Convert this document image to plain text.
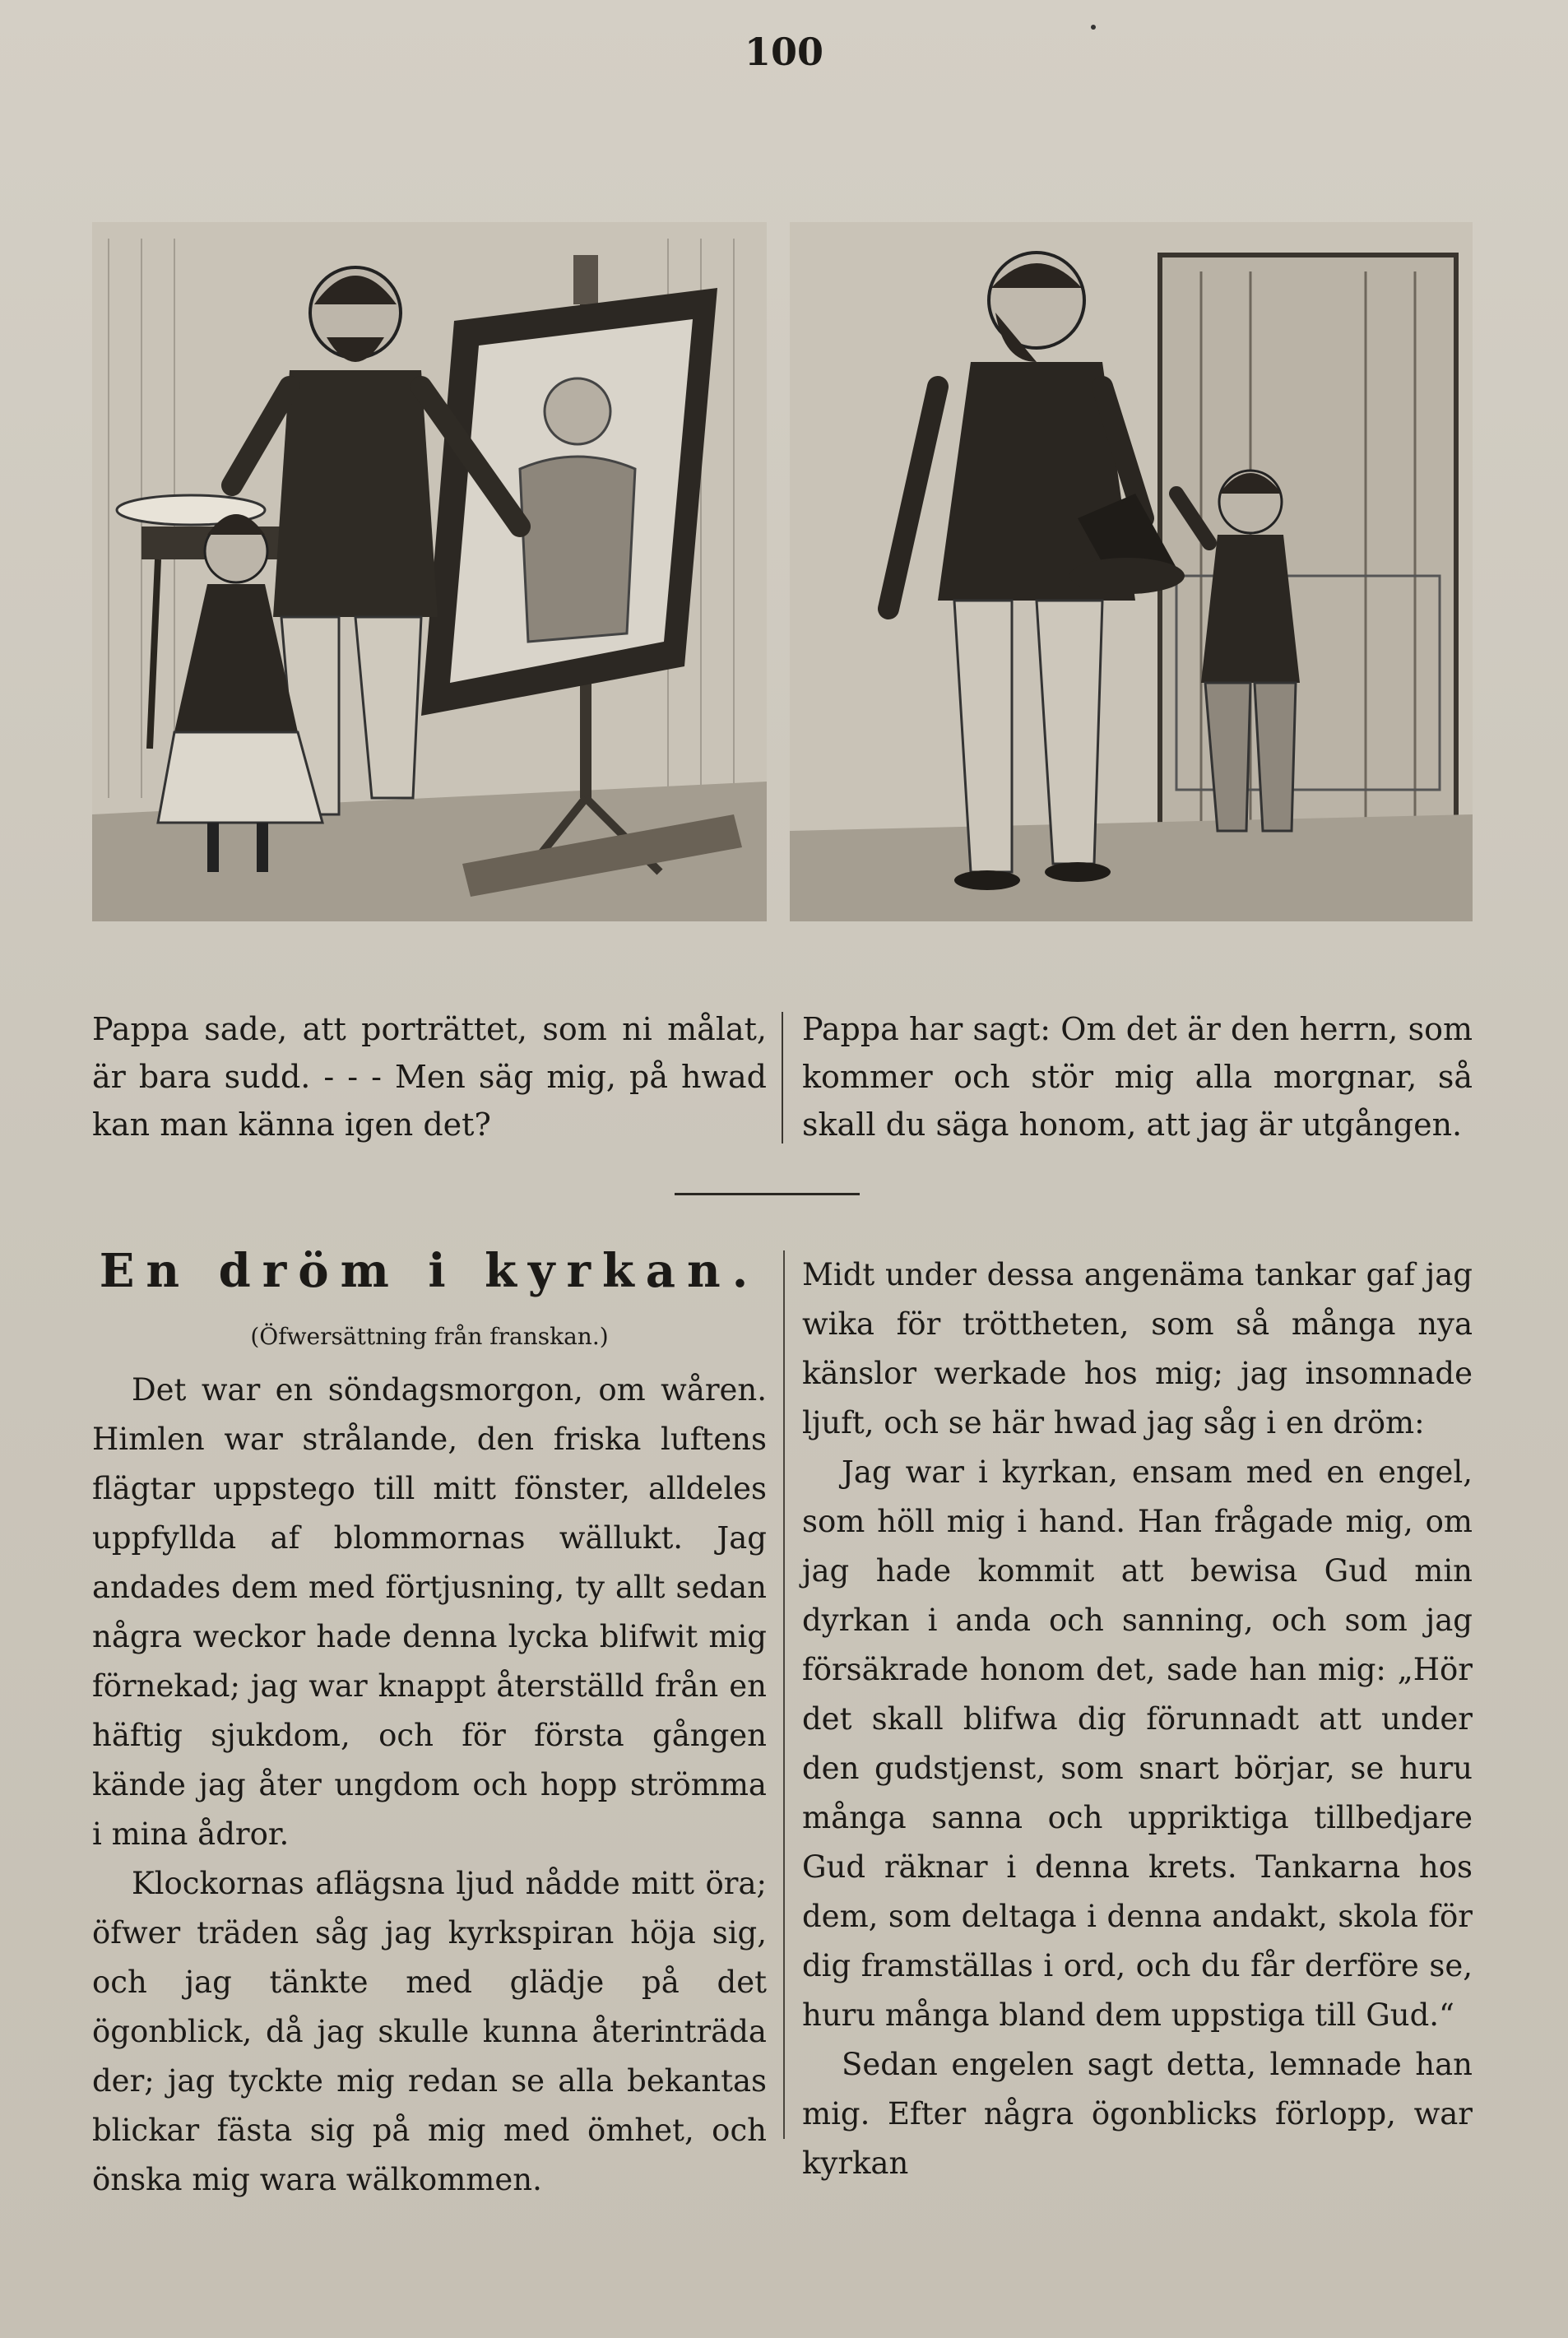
100
Pappa sade, att porträttet, som ni målat, är bara sudd. - - - Men säg mig, på hwad kan man känna igen det?
Pappa har sagt: Om det är den herrn, som kommer och stör mig alla morgnar, så skall du säga honom, att jag är utgången.
En dröm i kyrkan.
(Öfwersättning från franskan.)

Det war en söndagsmorgon, om wåren. Himlen war strålande, den friska luftens flägtar uppstego till mitt fönster, alldeles uppfyllda af blommornas wällukt. Jag andades dem med förtjusning, ty allt sedan några weckor hade denna lycka blifwit mig förnekad; jag war knappt återställd från en häftig sjukdom, och för första gången kände jag åter ungdom och hopp strömma i mina ådror.

Klockornas aflägsna ljud nådde mitt öra; öfwer träden såg jag kyrkspiran höja sig, och jag tänkte med glädje på det ögonblick, då jag skulle kunna återinträda der; jag tyckte mig redan se alla bekantas blickar fästa sig på mig med ömhet, och önska mig wara wälkommen.

Midt under dessa angenäma tankar gaf jag wika för tröttheten, som så många nya känslor werkade hos mig; jag insomnade ljuft, och se här hwad jag såg i en dröm:

Jag war i kyrkan, ensam med en engel, som höll mig i hand. Han frågade mig, om jag hade kommit att bewisa Gud min dyrkan i anda och sanning, och som jag försäkrade honom det, sade han mig: „Hör det skall blifwa dig förunnadt att under den gudstjenst, som snart börjar, se huru många sanna och uppriktiga tillbedjare Gud räknar i denna krets. Tankarna hos dem, som deltaga i denna andakt, skola för dig framställas i ord, och du får derföre se, huru många bland dem uppstiga till Gud.“

Sedan engelen sagt detta, lemnade han mig. Efter några ögonblicks förlopp, war kyrkan
